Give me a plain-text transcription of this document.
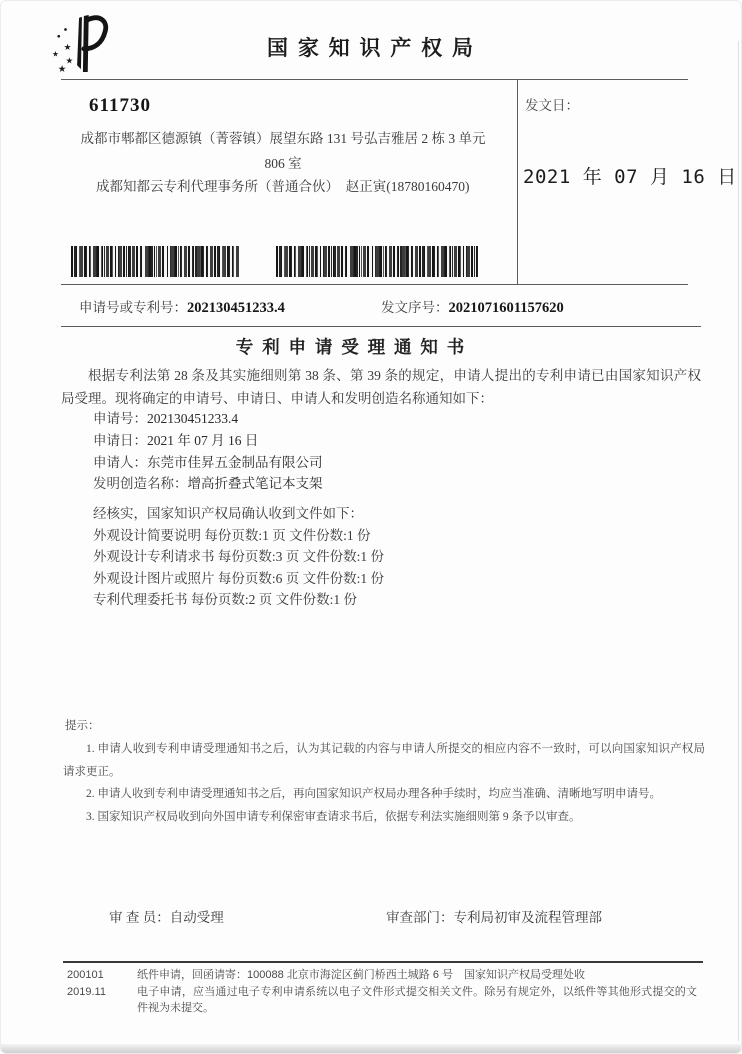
★
★
★
★
国 家 知 识 产 权 局
611730
成都市郫都区德源镇（菁蓉镇）展望东路 131 号弘吉雅居 2 栋 3 单元
806 室
成都知都云专利代理事务所（普通合伙）　赵正寅(18780160470)
发文日：
2021 年 07 月 16 日
申请号或专利号：202130451233.4	发文序号：2021071601157620
专 利 申 请 受 理 通 知 书
根据专利法第 28 条及其实施细则第 38 条、第 39 条的规定，申请人提出的专利申请已由国家知识产权局受理。现将确定的申请号、申请日、申请人和发明创造名称通知如下：
申请号：202130451233.4
申请日：2021 年 07 月 16 日
申请人：东莞市佳昇五金制品有限公司
发明创造名称：增高折叠式笔记本支架
经核实，国家知识产权局确认收到文件如下：
外观设计简要说明 每份页数:1 页 文件份数:1 份
外观设计专利请求书 每份页数:3 页 文件份数:1 份
外观设计图片或照片 每份页数:6 页 文件份数:1 份
专利代理委托书 每份页数:2 页 文件份数:1 份
提示：

1. 申请人收到专利申请受理通知书之后，认为其记载的内容与申请人所提交的相应内容不一致时，可以向国家知识产权局请求更正。

2. 申请人收到专利申请受理通知书之后，再向国家知识产权局办理各种手续时，均应当准确、清晰地写明申请号。

3. 国家知识产权局收到向外国申请专利保密审查请求书后，依据专利法实施细则第 9 条予以审查。

审 查 员：自动受理	审查部门：专利局初审及流程管理部
200101	纸件申请，回函请寄：100088 北京市海淀区蓟门桥西土城路 6 号　国家知识产权局受理处收
2019.11	电子申请，应当通过电子专利申请系统以电子文件形式提交相关文件。除另有规定外，以纸件等其他形式提交的文件视为未提交。
